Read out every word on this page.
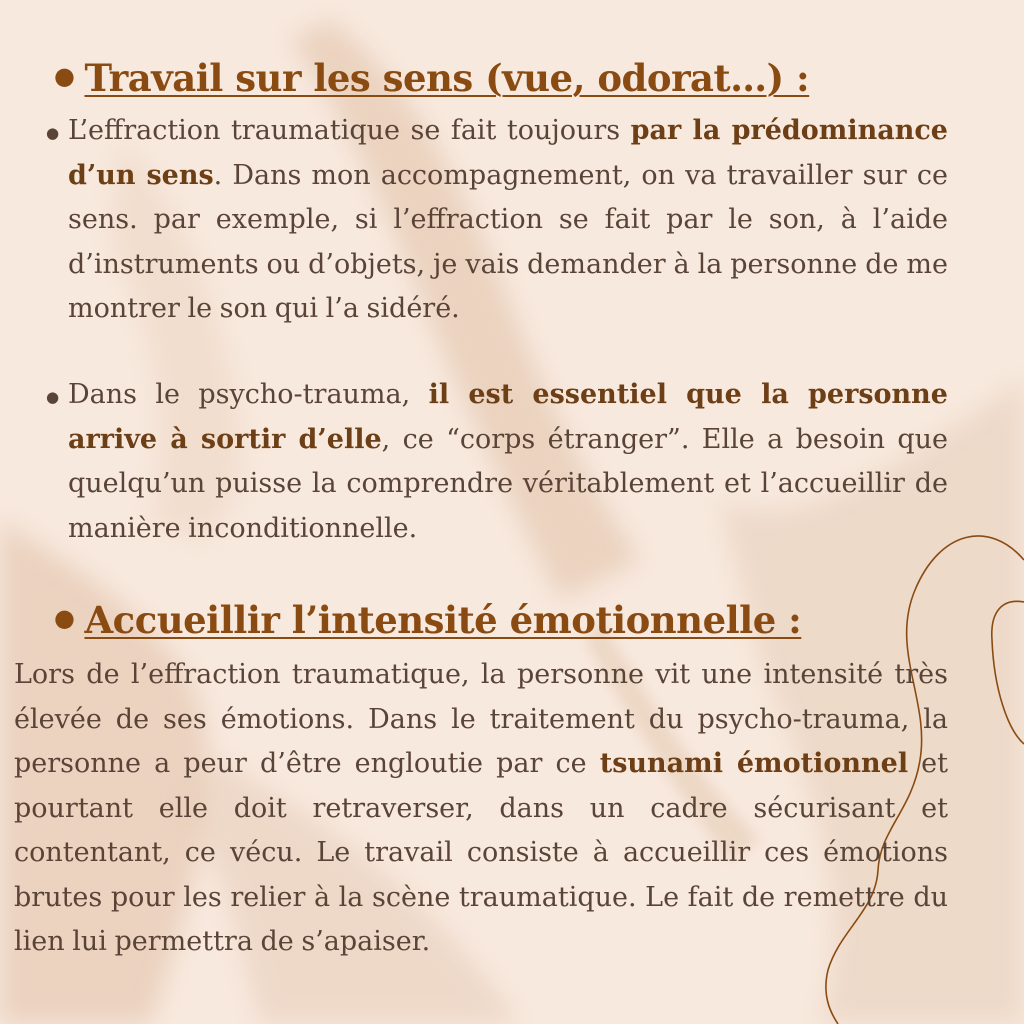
● Travail sur les sens (vue, odorat…) :
● L’effraction traumatique se fait toujours par la prédominance d’un sens. Dans mon accompagnement, on va travailler sur ce sens. par exemple, si l’effraction se fait par le son, à l’aide d’instruments ou d’objets, je vais demander à la personne de me montrer le son qui l’a sidéré.

● Dans le psycho-trauma, il est essentiel que la personne arrive à sortir d’elle, ce “corps étranger”. Elle a besoin que quelqu’un puisse la comprendre véritablement et l’accueillir de manière inconditionnelle.

● Accueillir l’intensité émotionnelle :

Lors de l’effraction traumatique, la personne vit une intensité très élevée de ses émotions. Dans le traitement du psycho-trauma, la personne a peur d’être engloutie par ce tsunami émotionnel et pourtant elle doit retraverser, dans un cadre sécurisant et contentant, ce vécu. Le travail consiste à accueillir ces émotions brutes pour les relier à la scène traumatique. Le fait de remettre du lien lui permettra de s’apaiser.
